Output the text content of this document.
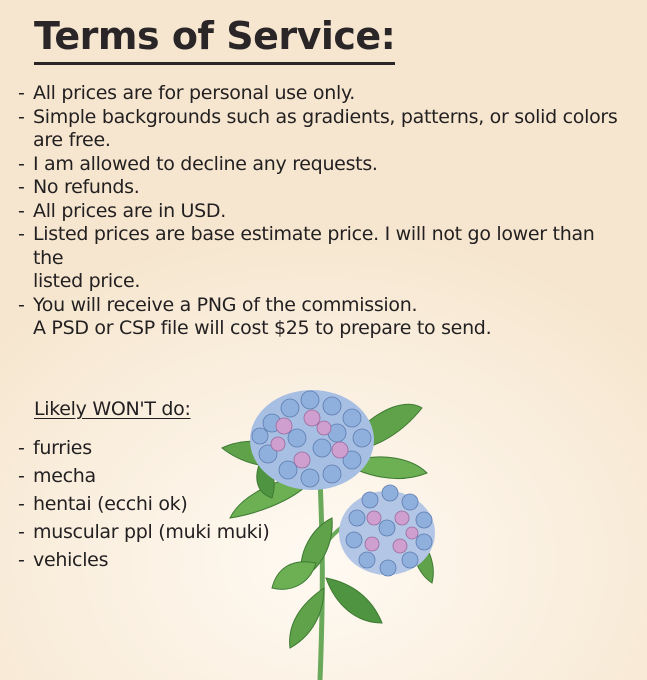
Terms of Service:
- All prices are for personal use only.
- Simple backgrounds such as gradients, patterns, or solid colors
are free.
- I am allowed to decline any requests.
- No refunds.
- All prices are in USD.
- Listed prices are base estimate price. I will not go lower than the
listed price.
- You will receive a PNG of the commission.
A PSD or CSP file will cost $25 to prepare to send.
Likely WON'T do:
- furries
- mecha
- hentai (ecchi ok)
- muscular ppl (muki muki)
- vehicles
